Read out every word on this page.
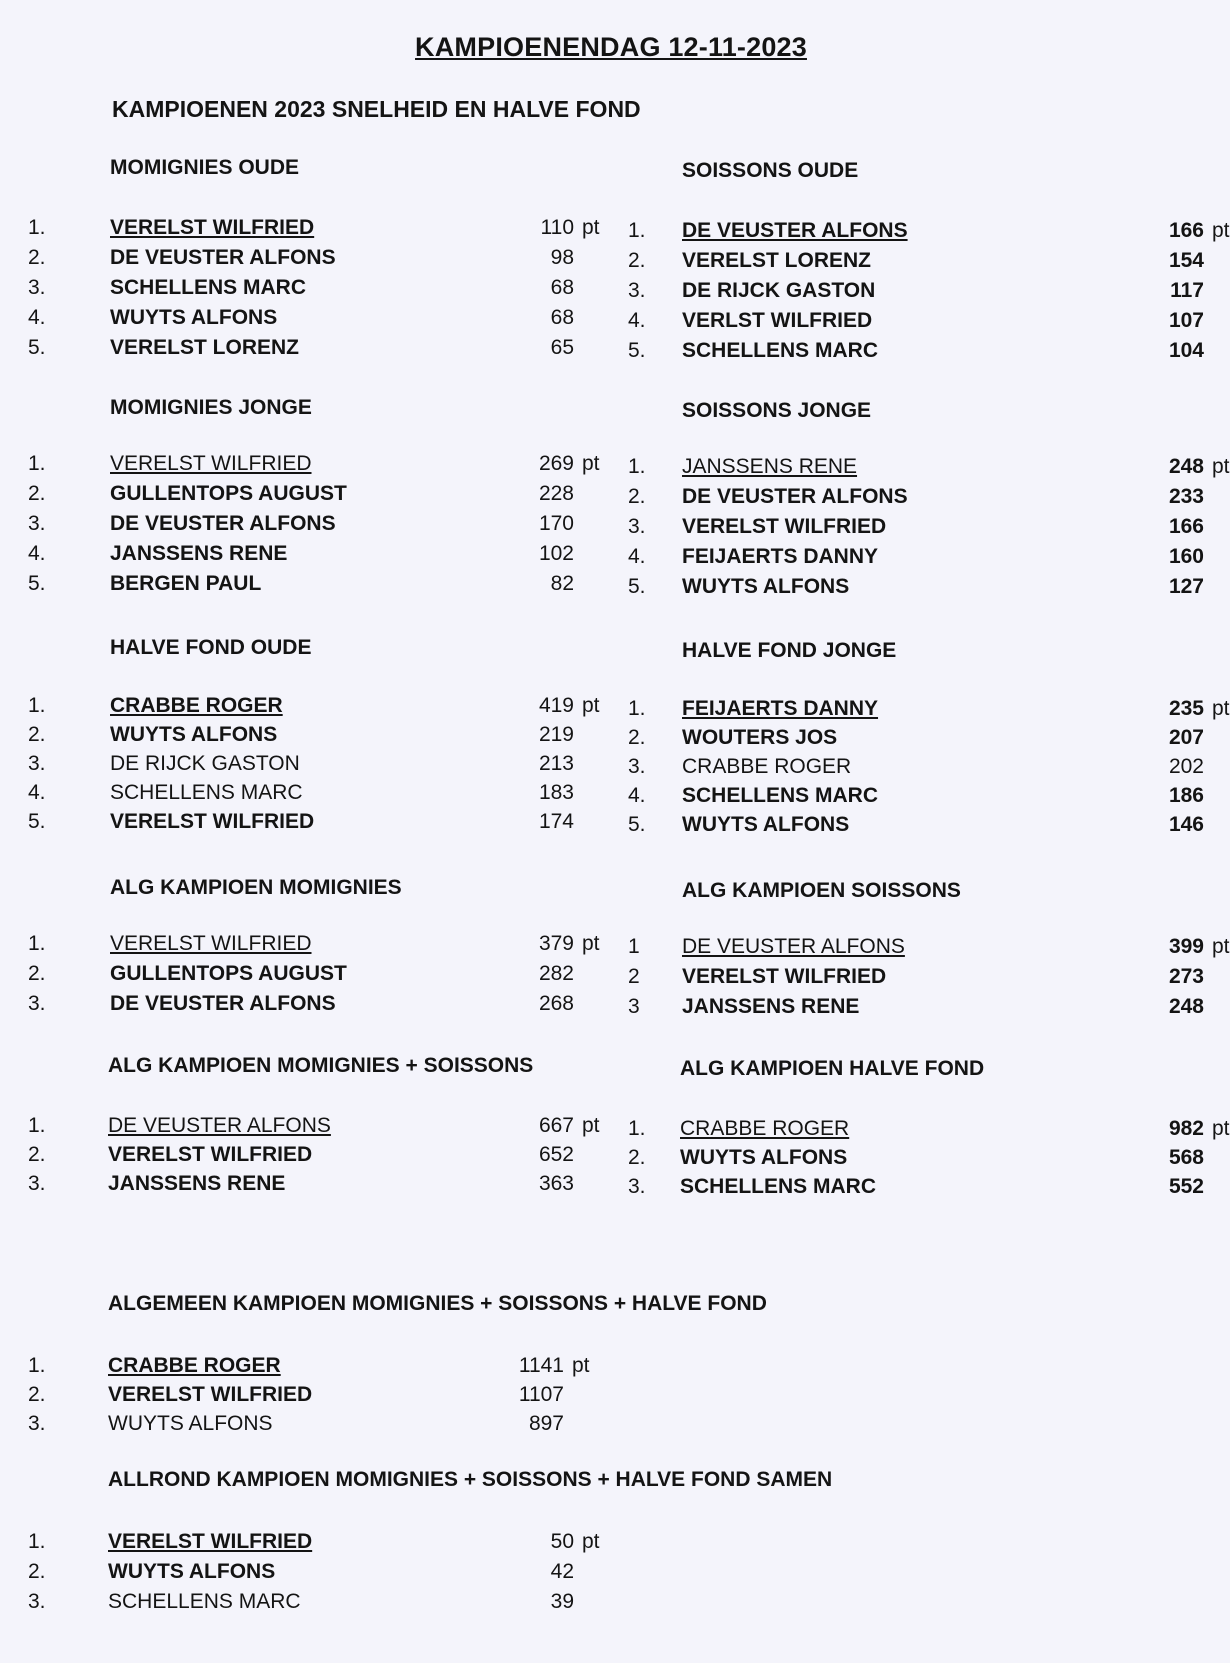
KAMPIOENENDAG 12-11-2023
KAMPIOENEN 2023 SNELHEID EN HALVE FOND
MOMIGNIES OUDE
1.	VERELST WILFRIED	110 pt
2.	DE VEUSTER ALFONS	98
3.	SCHELLENS MARC	68
4.	WUYTS ALFONS	68
5.	VERELST LORENZ	65
SOISSONS OUDE
1. DE VEUSTER ALFONS	166 pt
2. VERELST LORENZ	154
3. DE RIJCK GASTON	117
4. VERLST WILFRIED	107
5. SCHELLENS MARC	104
MOMIGNIES JONGE
1.	VERELST WILFRIED	269 pt
2.	GULLENTOPS AUGUST	228
3.	DE VEUSTER ALFONS	170
4.	JANSSENS RENE	102
5.	BERGEN PAUL	82
SOISSONS JONGE
1. JANSSENS RENE	248 pt
2. DE VEUSTER ALFONS	233
3. VERELST WILFRIED	166
4. FEIJAERTS DANNY	160
5. WUYTS ALFONS	127
HALVE FOND OUDE
1.	CRABBE ROGER	419 pt
2.	WUYTS ALFONS	219
3.	DE RIJCK GASTON	213
4.	SCHELLENS MARC	183
5.	VERELST WILFRIED	174
HALVE FOND JONGE
1. FEIJAERTS DANNY	235 pt
2. WOUTERS JOS	207
3. CRABBE ROGER	202
4. SCHELLENS MARC	186
5. WUYTS ALFONS	146
ALG KAMPIOEN MOMIGNIES
1.	VERELST WILFRIED	379 pt
2.	GULLENTOPS AUGUST	282
3.	DE VEUSTER ALFONS	268
ALG KAMPIOEN SOISSONS
1 DE VEUSTER ALFONS	399 pt
2 VERELST WILFRIED	273
3 JANSSENS RENE	248
ALG KAMPIOEN MOMIGNIES + SOISSONS
1.	DE VEUSTER ALFONS	667 pt
2.	VERELST WILFRIED	652
3.	JANSSENS RENE	363
ALG KAMPIOEN HALVE FOND
1. CRABBE ROGER	982 pt
2. WUYTS ALFONS	568
3. SCHELLENS MARC	552
ALGEMEEN KAMPIOEN MOMIGNIES + SOISSONS + HALVE FOND
1.	CRABBE ROGER	1141 pt
2.	VERELST WILFRIED	1107
3.	WUYTS ALFONS	897
ALLROND KAMPIOEN MOMIGNIES + SOISSONS + HALVE FOND SAMEN
1.	VERELST WILFRIED	50 pt
2.	WUYTS ALFONS	42
3.	SCHELLENS MARC	39
